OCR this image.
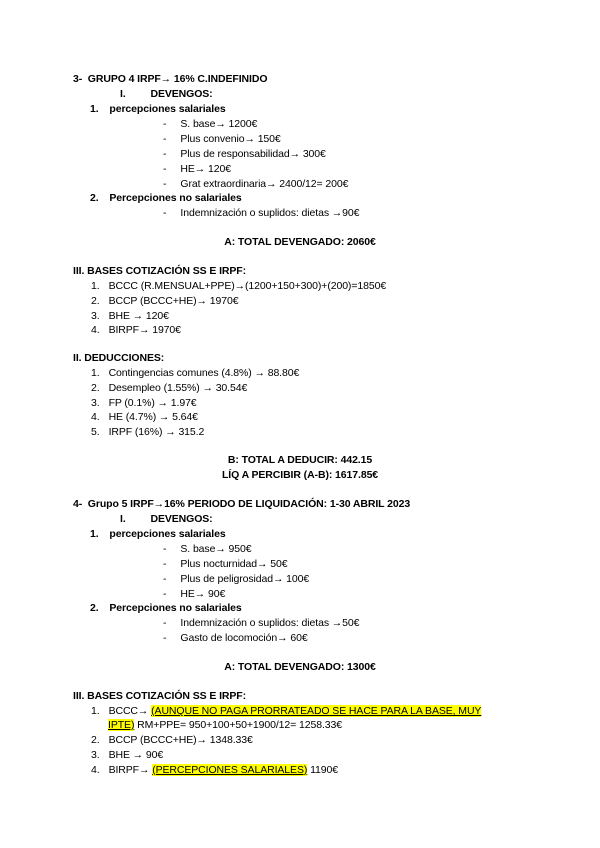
3- GRUPO 4 IRPF→ 16% C.INDEFINIDO
I. DEVENGOS:
1. percepciones salariales
- S. base→ 1200€
- Plus convenio→ 150€
- Plus de responsabilidad→ 300€
- HE→ 120€
- Grat extraordinaria→ 2400/12= 200€
2. Percepciones no salariales
- Indemnización o suplidos: dietas →90€
A: TOTAL DEVENGADO: 2060€
III. BASES COTIZACIÓN SS E IRPF:
1. BCCC (R.MENSUAL+PPE)→(1200+150+300)+(200)=1850€
2. BCCP (BCCC+HE)→ 1970€
3. BHE → 120€
4. BIRPF→ 1970€
II. DEDUCCIONES:
1. Contingencias comunes (4.8%) → 88.80€
2. Desempleo (1.55%) → 30.54€
3. FP (0.1%) → 1.97€
4. HE (4.7%) → 5.64€
5. IRPF (16%) → 315.2
B: TOTAL A DEDUCIR: 442.15
LÍQ A PERCIBIR (A-B): 1617.85€
4- Grupo 5 IRPF→16% PERIODO DE LIQUIDACIÓN: 1-30 ABRIL 2023
I. DEVENGOS:
1. percepciones salariales
- S. base→ 950€
- Plus nocturnidad→ 50€
- Plus de peligrosidad→ 100€
- HE→ 90€
2. Percepciones no salariales
- Indemnización o suplidos: dietas →50€
- Gasto de locomoción→ 60€
A: TOTAL DEVENGADO: 1300€
III. BASES COTIZACIÓN SS E IRPF:
1. BCCC→ (AUNQUE NO PAGA PRORRATEADO SE HACE PARA LA BASE, MUY
IPTE) RM+PPE= 950+100+50+1900/12= 1258.33€
2. BCCP (BCCC+HE)→ 1348.33€
3. BHE → 90€
4. BIRPF→ (PERCEPCIONES SALARIALES) 1190€
